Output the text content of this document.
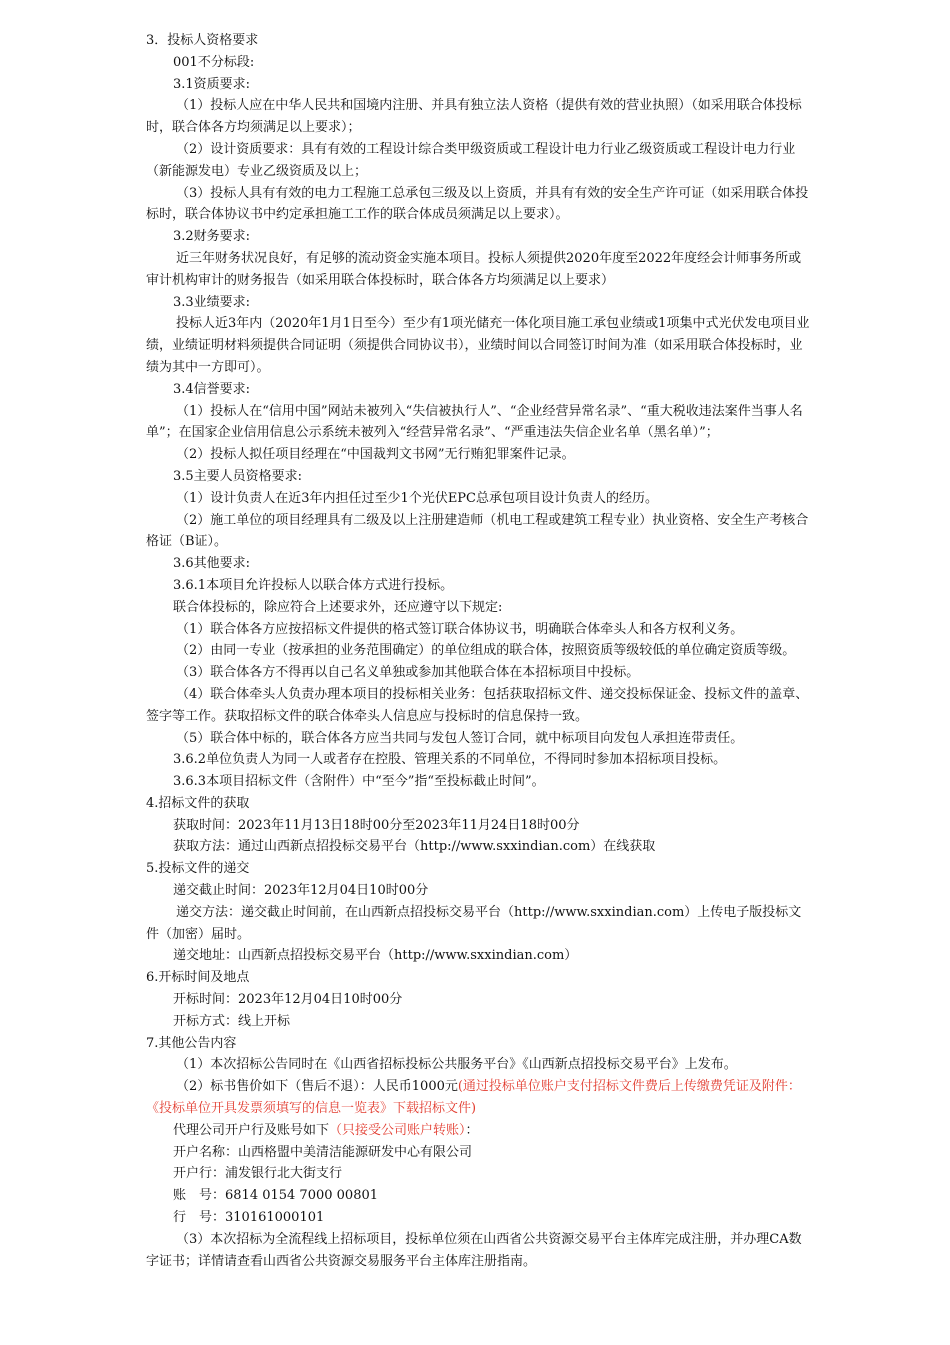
3．投标人资格要求

001不分标段:

3.1资质要求:

（1）投标人应在中华人民共和国境内注册、并具有独立法人资格（提供有效的营业执照）（如采用联合体投标时，联合体各方均须满足以上要求）；

（2）设计资质要求：具有有效的工程设计综合类甲级资质或工程设计电力行业乙级资质或工程设计电力行业（新能源发电）专业乙级资质及以上；

（3）投标人具有有效的电力工程施工总承包三级及以上资质，并具有有效的安全生产许可证（如采用联合体投标时，联合体协议书中约定承担施工工作的联合体成员须满足以上要求）。

3.2财务要求:

近三年财务状况良好，有足够的流动资金实施本项目。投标人须提供2020年度至2022年度经会计师事务所或审计机构审计的财务报告（如采用联合体投标时，联合体各方均须满足以上要求）

3.3业绩要求:

投标人近3年内（2020年1月1日至今）至少有1项光储充一体化项目施工承包业绩或1项集中式光伏发电项目业绩，业绩证明材料须提供合同证明（须提供合同协议书），业绩时间以合同签订时间为准（如采用联合体投标时，业绩为其中一方即可）。

3.4信誉要求:

（1）投标人在“信用中国”网站未被列入“失信被执行人”、“企业经营异常名录”、“重大税收违法案件当事人名单”；在国家企业信用信息公示系统未被列入“经营异常名录”、“严重违法失信企业名单（黑名单）”；

（2）投标人拟任项目经理在“中国裁判文书网”无行贿犯罪案件记录。

3.5主要人员资格要求:

（1）设计负责人在近3年内担任过至少1个光伏EPC总承包项目设计负责人的经历。

（2）施工单位的项目经理具有二级及以上注册建造师（机电工程或建筑工程专业）执业资格、安全生产考核合格证（B证）。

3.6其他要求:

3.6.1本项目允许投标人以联合体方式进行投标。

联合体投标的，除应符合上述要求外，还应遵守以下规定:

（1）联合体各方应按招标文件提供的格式签订联合体协议书，明确联合体牵头人和各方权利义务。

（2）由同一专业（按承担的业务范围确定）的单位组成的联合体，按照资质等级较低的单位确定资质等级。

（3）联合体各方不得再以自己名义单独或参加其他联合体在本招标项目中投标。

（4）联合体牵头人负责办理本项目的投标相关业务：包括获取招标文件、递交投标保证金、投标文件的盖章、签字等工作。获取招标文件的联合体牵头人信息应与投标时的信息保持一致。

（5）联合体中标的，联合体各方应当共同与发包人签订合同，就中标项目向发包人承担连带责任。

3.6.2单位负责人为同一人或者存在控股、管理关系的不同单位，不得同时参加本招标项目投标。

3.6.3本项目招标文件（含附件）中“至今”指“至投标截止时间”。

4.招标文件的获取

获取时间：2023年11月13日18时00分至2023年11月24日18时00分

获取方法：通过山西新点招投标交易平台（http://www.sxxindian.com）在线获取

5.投标文件的递交

递交截止时间：2023年12月04日10时00分

递交方法：递交截止时间前，在山西新点招投标交易平台（http://www.sxxindian.com）上传电子版投标文件（加密）届时。

递交地址：山西新点招投标交易平台（http://www.sxxindian.com）

6.开标时间及地点

开标时间：2023年12月04日10时00分

开标方式：线上开标

7.其他公告内容

（1）本次招标公告同时在《山西省招标投标公共服务平台》《山西新点招投标交易平台》上发布。

（2）标书售价如下（售后不退）：人民币1000元(通过投标单位账户支付招标文件费后上传缴费凭证及附件：《投标单位开具发票须填写的信息一览表》下载招标文件)

代理公司开户行及账号如下（只接受公司账户转账）：

开户名称：山西格盟中美清洁能源研发中心有限公司

开户行：浦发银行北大街支行

账　号：6814 0154 7000 00801

行　号：310161000101

（3）本次招标为全流程线上招标项目，投标单位须在山西省公共资源交易平台主体库完成注册，并办理CA数字证书；详情请查看山西省公共资源交易服务平台主体库注册指南。
